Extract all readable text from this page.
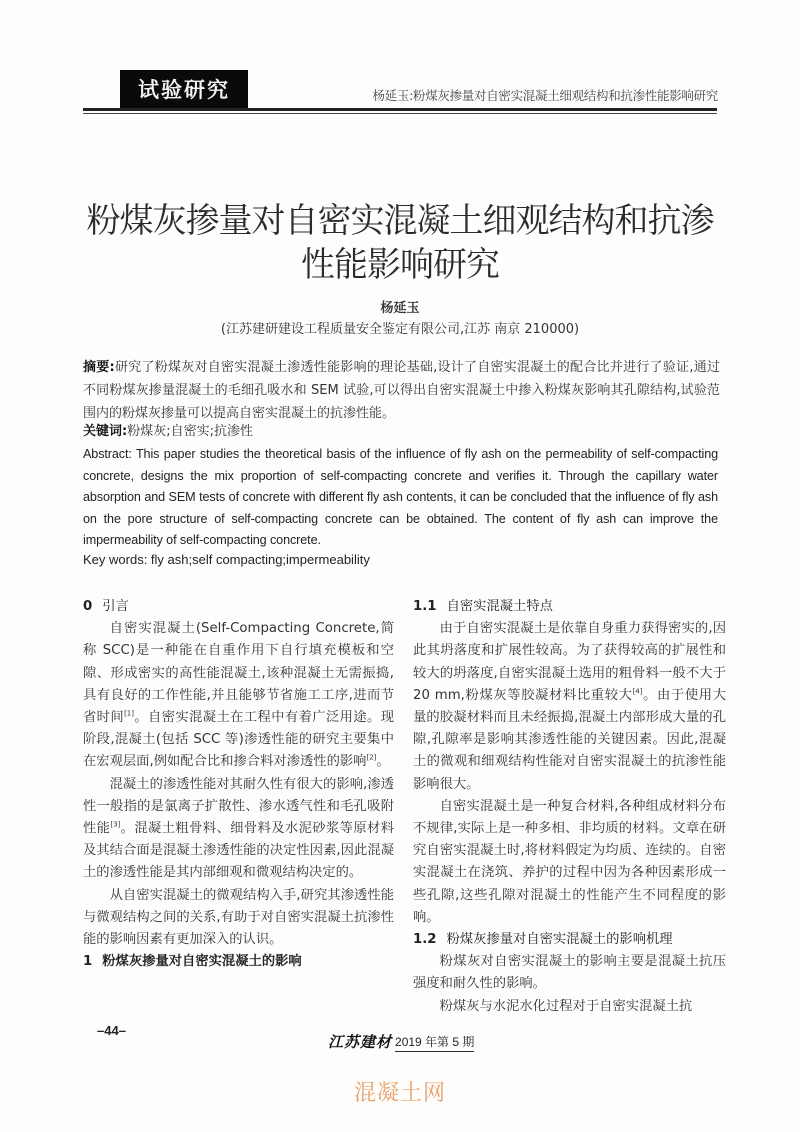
试验研究	杨延玉:粉煤灰掺量对自密实混凝土细观结构和抗渗性能影响研究
粉煤灰掺量对自密实混凝土细观结构和抗渗
性能影响研究
杨延玉
(江苏建研建设工程质量安全鉴定有限公司,江苏 南京 210000)
摘要:研究了粉煤灰对自密实混凝土渗透性能影响的理论基础,设计了自密实混凝土的配合比并进行了验证,通过不同粉煤灰掺量混凝土的毛细孔吸水和 SEM 试验,可以得出自密实混凝土中掺入粉煤灰影响其孔隙结构,试验范围内的粉煤灰掺量可以提高自密实混凝土的抗渗性能。
关键词:粉煤灰;自密实;抗渗性
Abstract: This paper studies the theoretical basis of the influence of fly ash on the permeability of self-compacting concrete, designs the mix proportion of self-compacting concrete and verifies it. Through the capillary water absorption and SEM tests of concrete with different fly ash contents, it can be concluded that the influence of fly ash on the pore structure of self-compacting concrete can be obtained. The content of fly ash can improve the impermeability of self-compacting concrete.
Key words: fly ash;self compacting;impermeability
0 引言

自密实混凝土(Self-Compacting Concrete,简称 SCC)是一种能在自重作用下自行填充模板和空隙、形成密实的高性能混凝土,该种混凝土无需振捣,具有良好的工作性能,并且能够节省施工工序,进而节省时间[1]。自密实混凝土在工程中有着广泛用途。现阶段,混凝土(包括 SCC 等)渗透性能的研究主要集中在宏观层面,例如配合比和掺合料对渗透性的影响[2]。

混凝土的渗透性能对其耐久性有很大的影响,渗透性一般指的是氯离子扩散性、渗水透气性和毛孔吸附性能[3]。混凝土粗骨料、细骨料及水泥砂浆等原材料及其结合面是混凝土渗透性能的决定性因素,因此混凝土的渗透性能是其内部细观和微观结构决定的。

从自密实混凝土的微观结构入手,研究其渗透性能与微观结构之间的关系,有助于对自密实混凝土抗渗性能的影响因素有更加深入的认识。

1 粉煤灰掺量对自密实混凝土的影响
1.1 自密实混凝土特点

由于自密实混凝土是依靠自身重力获得密实的,因此其坍落度和扩展性较高。为了获得较高的扩展性和较大的坍落度,自密实混凝土选用的粗骨料一般不大于 20 mm,粉煤灰等胶凝材料比重较大[4]。由于使用大量的胶凝材料而且未经振捣,混凝土内部形成大量的孔隙,孔隙率是影响其渗透性能的关键因素。因此,混凝土的微观和细观结构性能对自密实混凝土的抗渗性能影响很大。

自密实混凝土是一种复合材料,各种组成材料分布不规律,实际上是一种多相、非均质的材料。文章在研究自密实混凝土时,将材料假定为均质、连续的。自密实混凝土在浇筑、养护的过程中因为各种因素形成一些孔隙,这些孔隙对混凝土的性能产生不同程度的影响。

1.2 粉煤灰掺量对自密实混凝土的影响机理

粉煤灰对自密实混凝土的影响主要是混凝土抗压强度和耐久性的影响。

粉煤灰与水泥水化过程对于自密实混凝土抗

–44–
江苏建材 2019 年第 5 期
混凝土网
